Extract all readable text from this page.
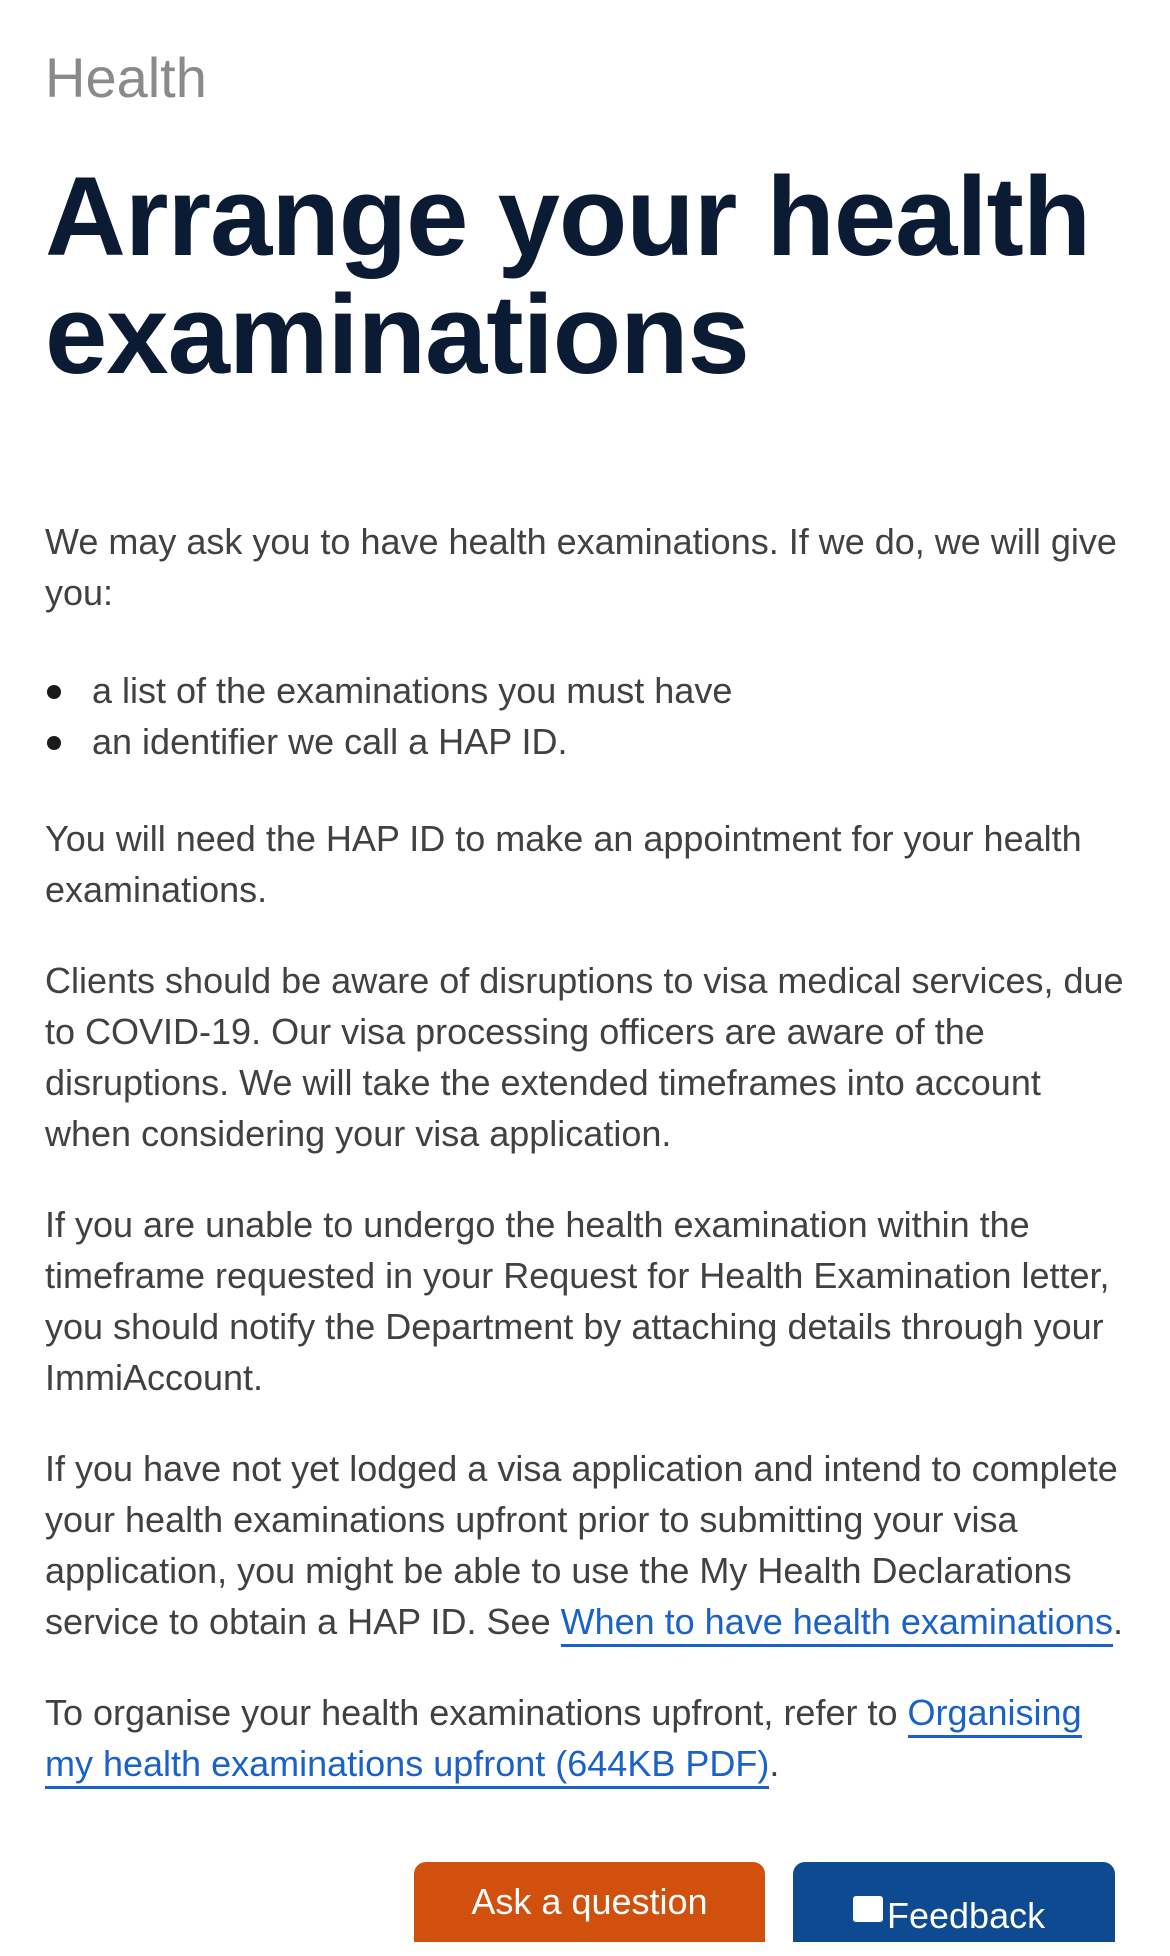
Health

Arrange your health examinations

We may ask you to have health examinations. If we do, we will give you:

a list of the examinations you must have
an identifier we call a HAP ID.

You will need the HAP ID to make an appointment for your health examinations.

Clients should be aware of disruptions to visa medical services, due to COVID-19. Our visa processing officers are aware of the disruptions. We will take the extended timeframes into account when considering your visa application.

If you are unable to undergo the health examination within the timeframe requested in your Request for Health Examination letter, you should notify the Department by attaching details through your ImmiAccount.

If you have not yet lodged a visa application and intend to complete your health examinations upfront prior to submitting your visa application, you might be able to use the My Health Declarations service to obtain a HAP ID. See When to have health examinations.

To organise your health examinations upfront, refer to Organising my health examinations upfront (644KB PDF).

Ask a question	Feedback
